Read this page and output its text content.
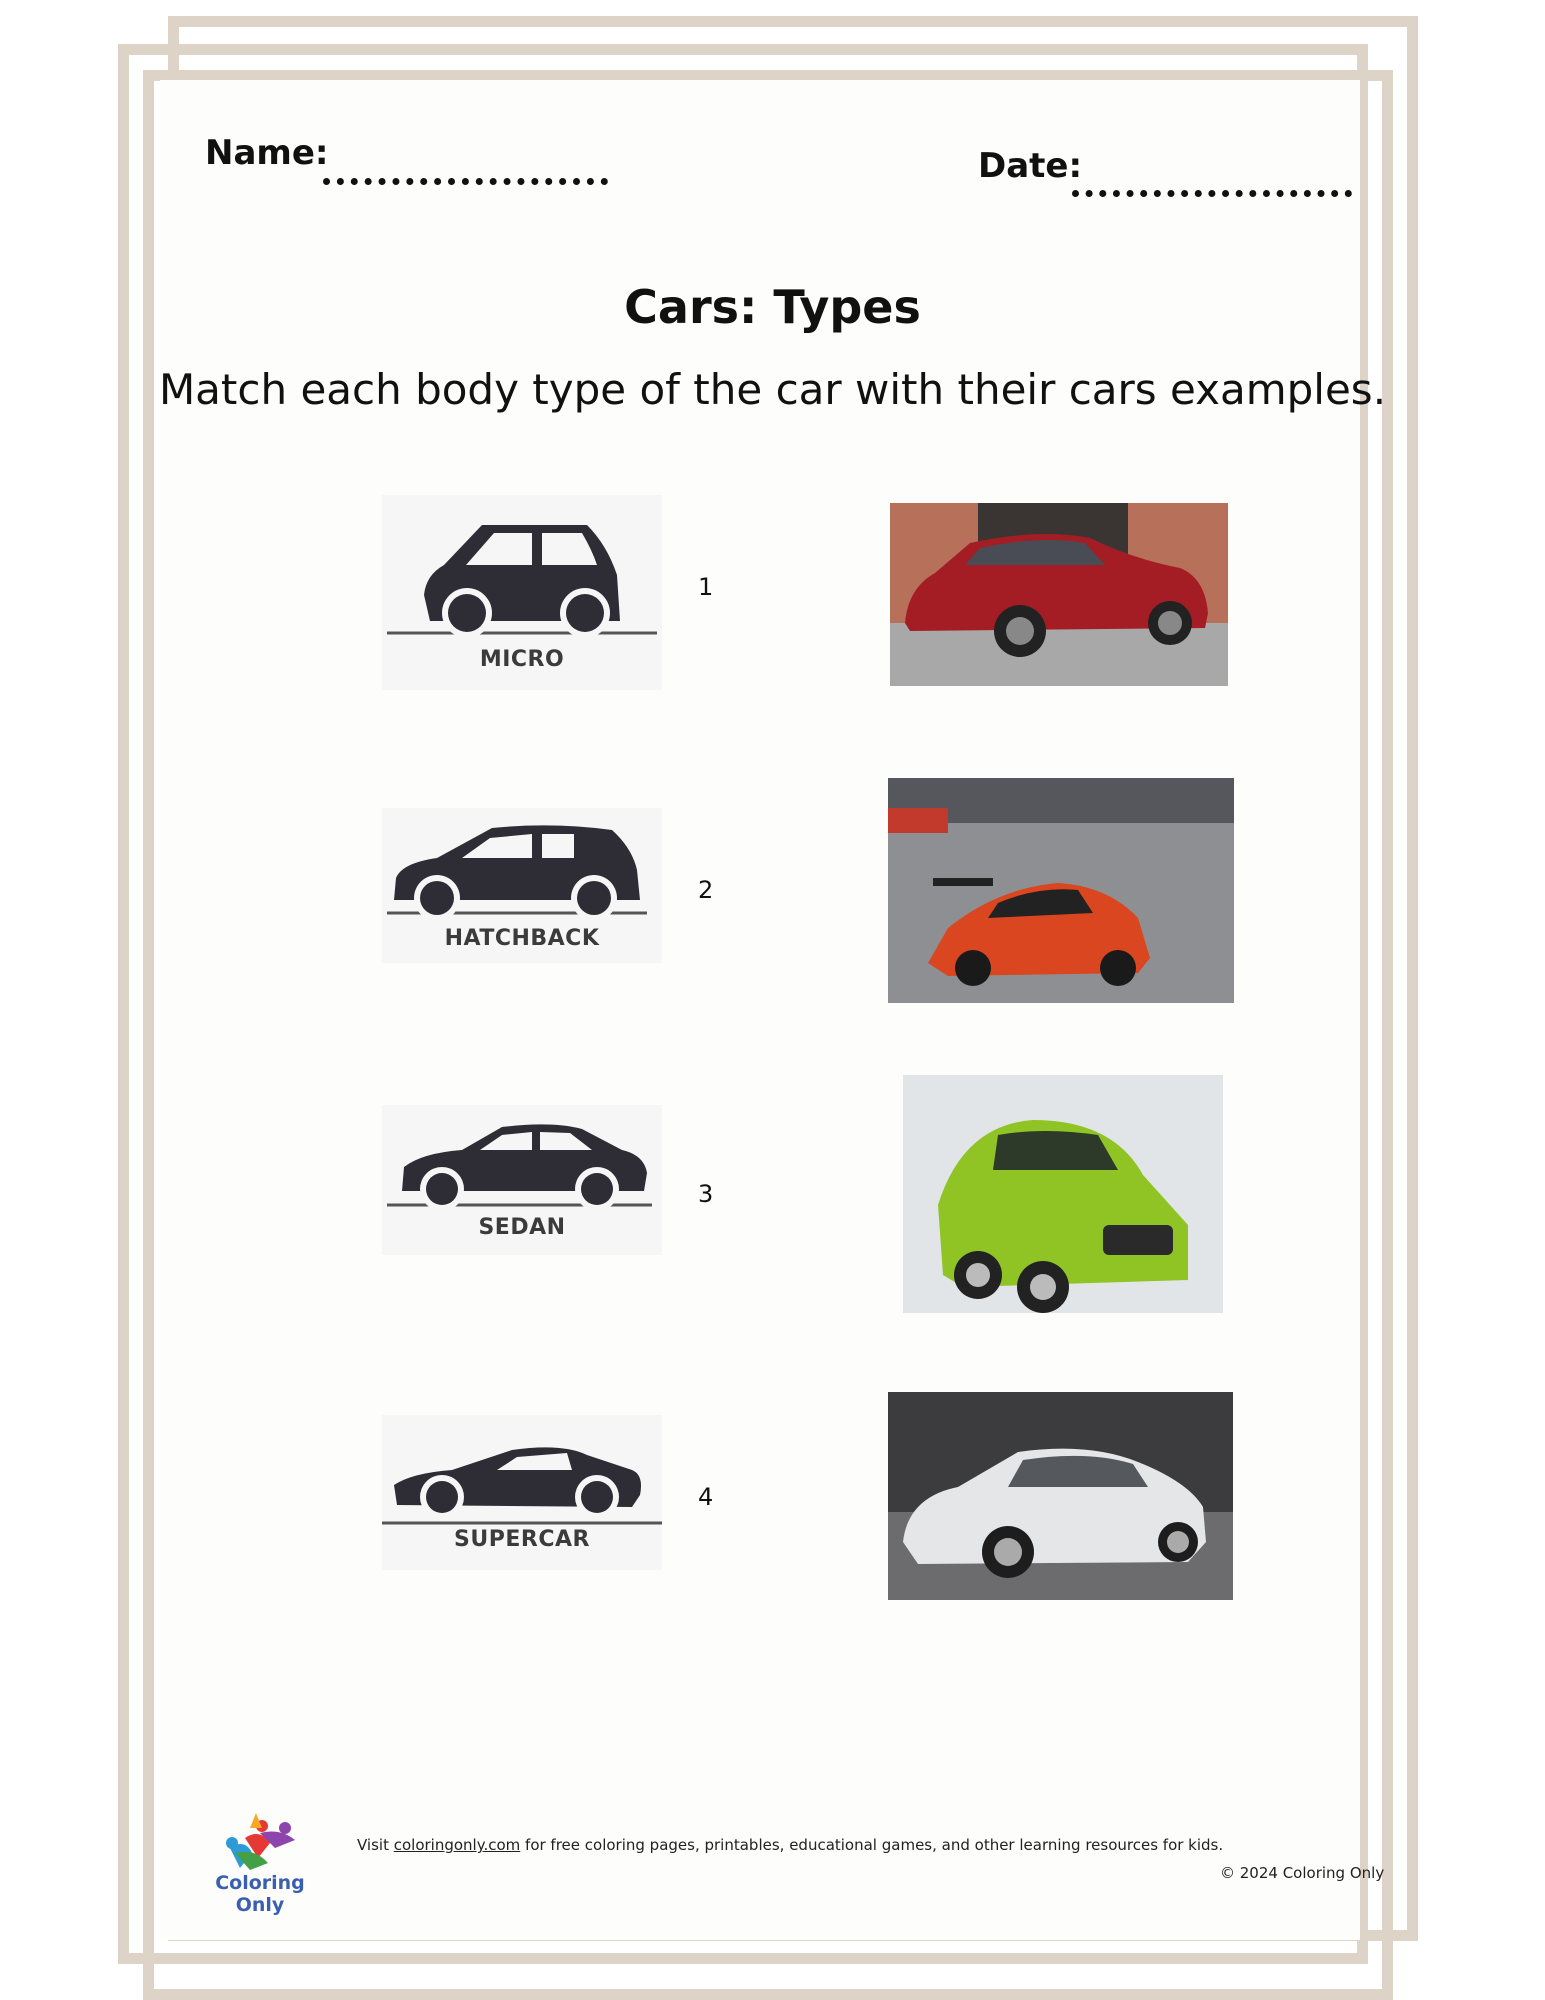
Name:	Date:
Cars: Types
Match each body type of the car with their cars examples.
MICRO
HATCHBACK
SEDAN
SUPERCAR
1
2
3
4
Coloring Only
Visit coloringonly.com for free coloring pages, printables, educational games, and other learning resources for kids.
© 2024 Coloring Only
